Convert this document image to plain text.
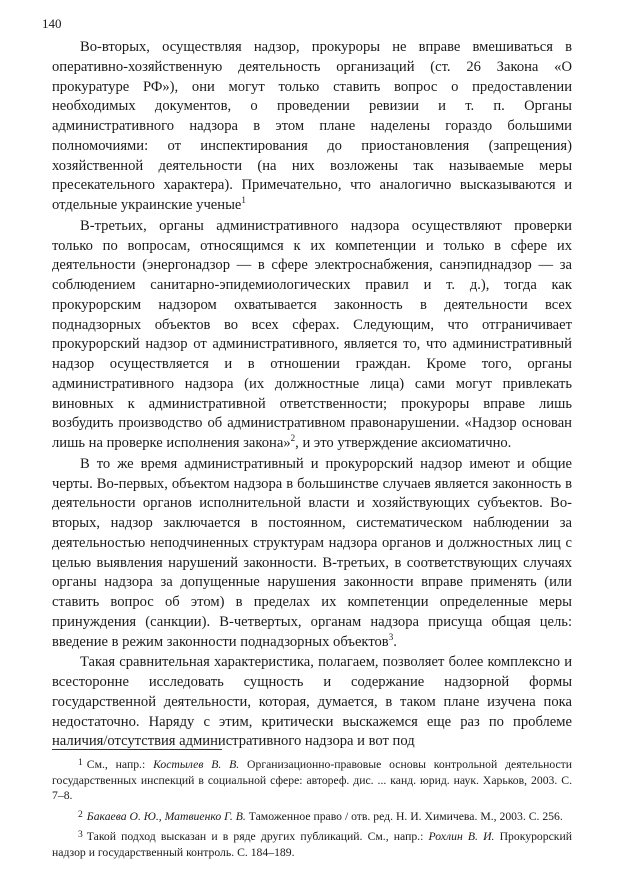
140

Во-вторых, осуществляя надзор, прокуроры не вправе вмешиваться в оперативно-хозяйственную деятельность организаций (ст. 26 Закона «О прокуратуре РФ»), они могут только ставить вопрос о предоставлении необходимых документов, о проведении ревизии и т. п. Органы административного надзора в этом плане наделены гораздо большими полномочиями: от инспектирования до приостановления (запрещения) хозяйственной деятельности (на них возложены так называемые меры пресекательного характера). Примечательно, что аналогично высказываются и отдельные украинские ученые$^1$

В-третьих, органы административного надзора осуществляют проверки только по вопросам, относящимся к их компетенции и только в сфере их деятельности (энергонадзор — в сфере электроснабжения, санэпиднадзор — за соблюдением санитарно-эпидемиологических правил и т. д.), тогда как прокурорским надзором охватывается законность в деятельности всех поднадзорных объектов во всех сферах. Следующим, что отграничивает прокурорский надзор от административного, является то, что административный надзор осуществляется и в отношении граждан. Кроме того, органы административного надзора (их должностные лица) сами могут привлекать виновных к административной ответственности; прокуроры вправе лишь возбудить производство об административном правонарушении. «Надзор основан лишь на проверке исполнения закона»$^2$, и это утверждение аксиоматично.

В то же время административный и прокурорский надзор имеют и общие черты. Во-первых, объектом надзора в большинстве случаев является законность в деятельности органов исполнительной власти и хозяйствующих субъектов. Во-вторых, надзор заключается в постоянном, систематическом наблюдении за деятельностью неподчиненных структурам надзора органов и должностных лиц с целью выявления нарушений законности. В-третьих, в соответствующих случаях органы надзора за допущенные нарушения законности вправе применять (или ставить вопрос об этом) в пределах их компетенции определенные меры принуждения (санкции). В-четвертых, органам надзора присуща общая цель: введение в режим законности поднадзорных объектов$^3$.

Такая сравнительная характеристика, полагаем, позволяет более комплексно и всесторонне исследовать сущность и содержание надзорной формы государственной деятельности, которая, думается, в таком плане изучена пока недостаточно. Наряду с этим, критически выскажемся еще раз по проблеме наличия/отсутствия административного надзора и вот под

$^1$ См., напр.: Костылев В. В. Организационно-правовые основы контрольной деятельности государственных инспекций в социальной сфере: автореф. дис. ... канд. юрид. наук. Харьков, 2003. С. 7–8.

$^2$ Бакаева О. Ю., Матвиенко Г. В. Таможенное право / отв. ред. Н. И. Химичева. М., 2003. С. 256.

$^3$ Такой подход высказан и в ряде других публикаций. См., напр.: Рохлин В. И. Прокурорский надзор и государственный контроль. С. 184–189.
